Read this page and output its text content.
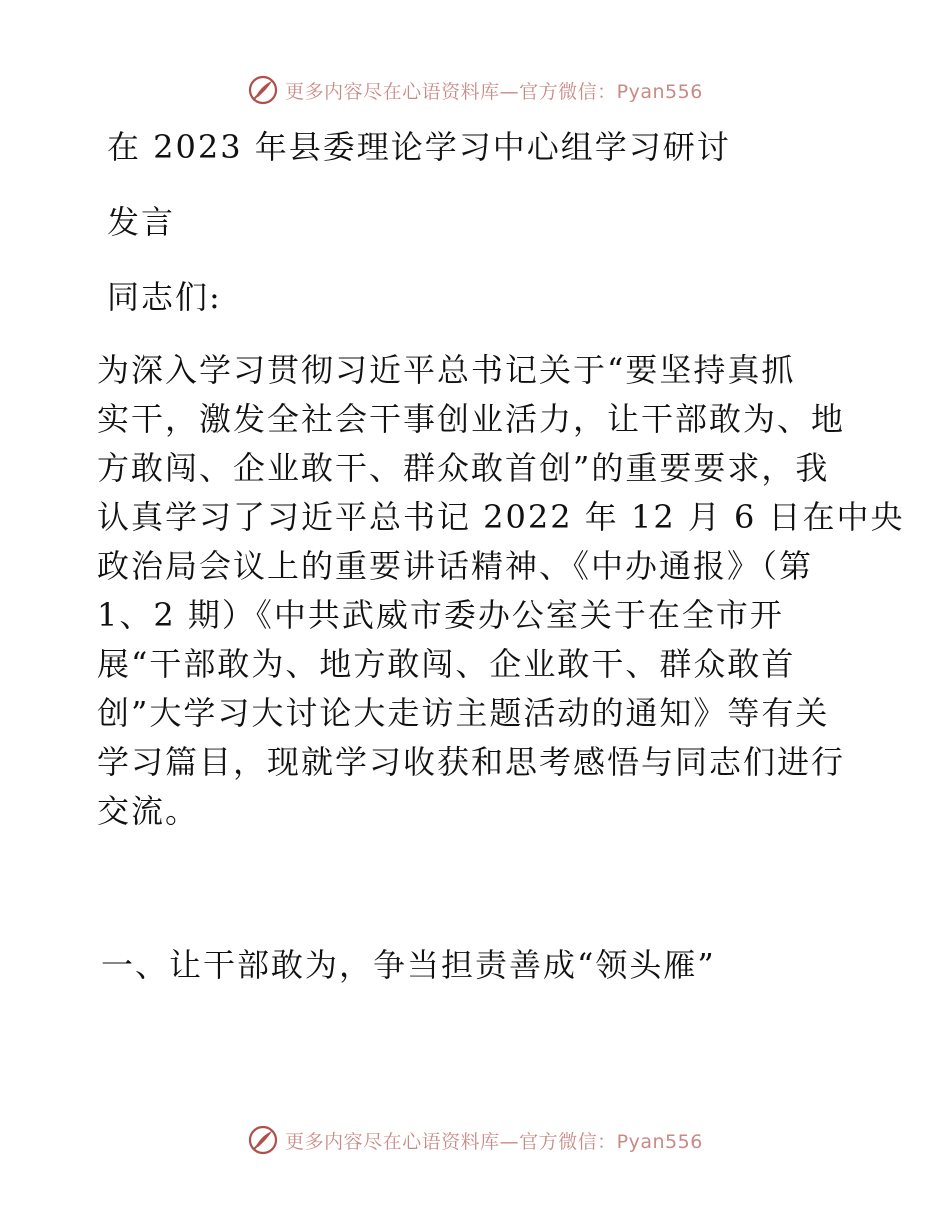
更多内容尽在心语资料库—官方微信：Pyan556
在 2023 年县委理论学习中心组学习研讨
发言
同志们:
为深入学习贯彻习近平总书记关于“要坚持真抓
实干，激发全社会干事创业活力，让干部敢为、地
方敢闯、企业敢干、群众敢首创”的重要要求，我
认真学习了习近平总书记 2022 年 12 月 6 日在中央
政治局会议上的重要讲话精神、《中办通报》（第
1、2 期）《中共武威市委办公室关于在全市开
展“干部敢为、地方敢闯、企业敢干、群众敢首
创”大学习大讨论大走访主题活动的通知》等有关
学习篇目，现就学习收获和思考感悟与同志们进行
交流。
一、让干部敢为，争当担责善成“领头雁”
更多内容尽在心语资料库—官方微信：Pyan556
